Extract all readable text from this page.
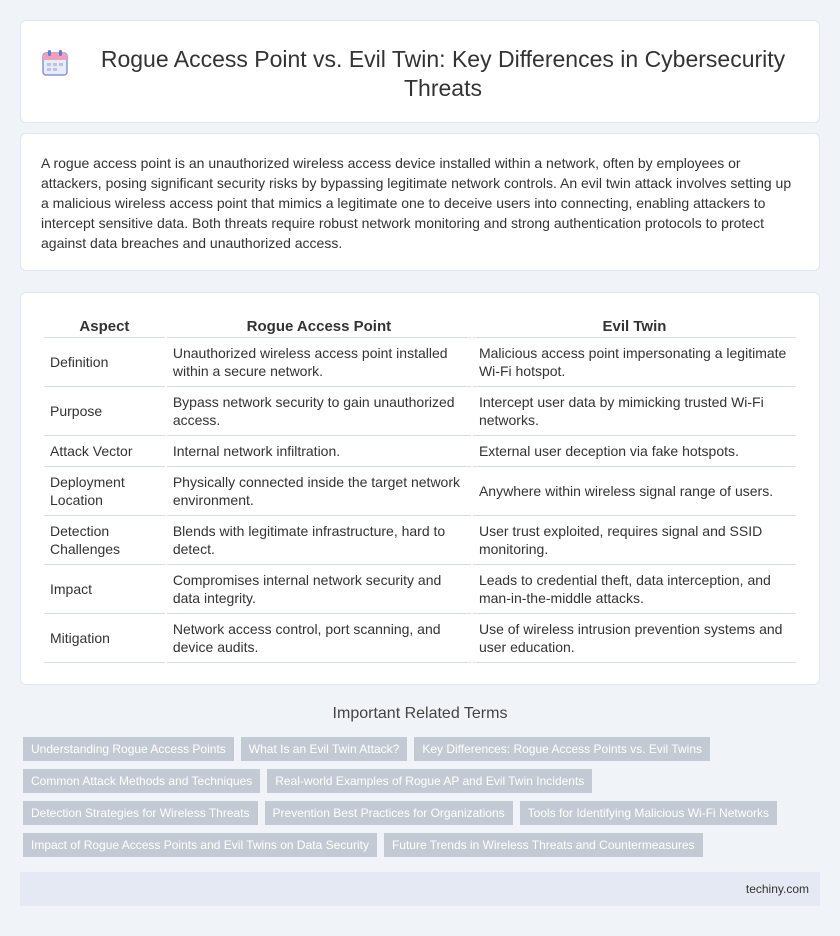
Rogue Access Point vs. Evil Twin: Key Differences in Cybersecurity Threats

A rogue access point is an unauthorized wireless access device installed within a network, often by employees or attackers, posing significant security risks by bypassing legitimate network controls. An evil twin attack involves setting up a malicious wireless access point that mimics a legitimate one to deceive users into connecting, enabling attackers to intercept sensitive data. Both threats require robust network monitoring and strong authentication protocols to protect against data breaches and unauthorized access.

Aspect	Rogue Access Point	Evil Twin
Definition	Unauthorized wireless access point installed within a secure network.	Malicious access point impersonating a legitimate Wi-Fi hotspot.
Purpose	Bypass network security to gain unauthorized access.	Intercept user data by mimicking trusted Wi-Fi networks.
Attack Vector	Internal network infiltration.	External user deception via fake hotspots.
Deployment Location	Physically connected inside the target network environment.	Anywhere within wireless signal range of users.
Detection Challenges	Blends with legitimate infrastructure, hard to detect.	User trust exploited, requires signal and SSID monitoring.
Impact	Compromises internal network security and data integrity.	Leads to credential theft, data interception, and man-in-the-middle attacks.
Mitigation	Network access control, port scanning, and device audits.	Use of wireless intrusion prevention systems and user education.
Important Related Terms
Understanding Rogue Access Points	What Is an Evil Twin Attack?	Key Differences: Rogue Access Points vs. Evil Twins
Common Attack Methods and Techniques	Real-world Examples of Rogue AP and Evil Twin Incidents
Detection Strategies for Wireless Threats	Prevention Best Practices for Organizations	Tools for Identifying Malicious Wi-Fi Networks
Impact of Rogue Access Points and Evil Twins on Data Security	Future Trends in Wireless Threats and Countermeasures
techiny.com
